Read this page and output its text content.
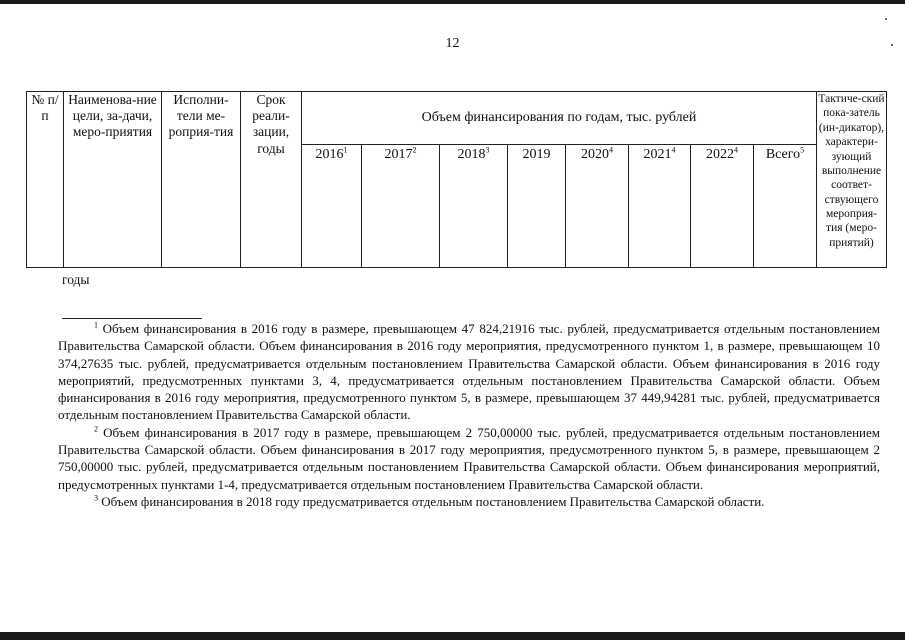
12
№ п/п	Наименова-ние цели, за-дачи, меро-приятия	Исполни-тели ме-роприя-тия	Срок реали-зации, годы	Объем финансирования по годам, тыс. рублей								Тактиче-ский пока-затель (ин-дикатор), характери-зующий выполнение соответ-ствующего мероприя-тия (меро-приятий)
				2016$^1$	2017$^2$	2018$^3$	2019	2020$^4$	2021$^4$	2022$^4$	Всего$^5$
годы

$^1$ Объем финансирования в 2016 году в размере, превышающем 47 824,21916 тыс. рублей, предусматривается отдельным постановлением Правительства Самарской области. Объем финансирования в 2016 году мероприятия, предусмотренного пунктом 1, в размере, превышающем 10 374,27635 тыс. рублей, предусматривается отдельным постановлением Правительства Самарской области. Объем финансирования в 2016 году мероприятий, предусмотренных пунктами 3, 4, предусматривается отдельным постановлением Правительства Самарской области. Объем финансирования в 2016 году мероприятия, предусмотренного пунктом 5, в размере, превышающем 37 449,94281 тыс. рублей, предусматривается отдельным постановлением Правительства Самарской области.

$^2$ Объем финансирования в 2017 году в размере, превышающем 2 750,00000 тыс. рублей, предусматривается отдельным постановлением Правительства Самарской области. Объем финансирования в 2017 году мероприятия, предусмотренного пунктом 5, в размере, превышающем 2 750,00000 тыс. рублей, предусматривается отдельным постановлением Правительства Самарской области. Объем финансирования мероприятий, предусмотренных пунктами 1-4, предусматривается отдельным постановлением Правительства Самарской области.

$^3$ Объем финансирования в 2018 году предусматривается отдельным постановлением Правительства Самарской области.
